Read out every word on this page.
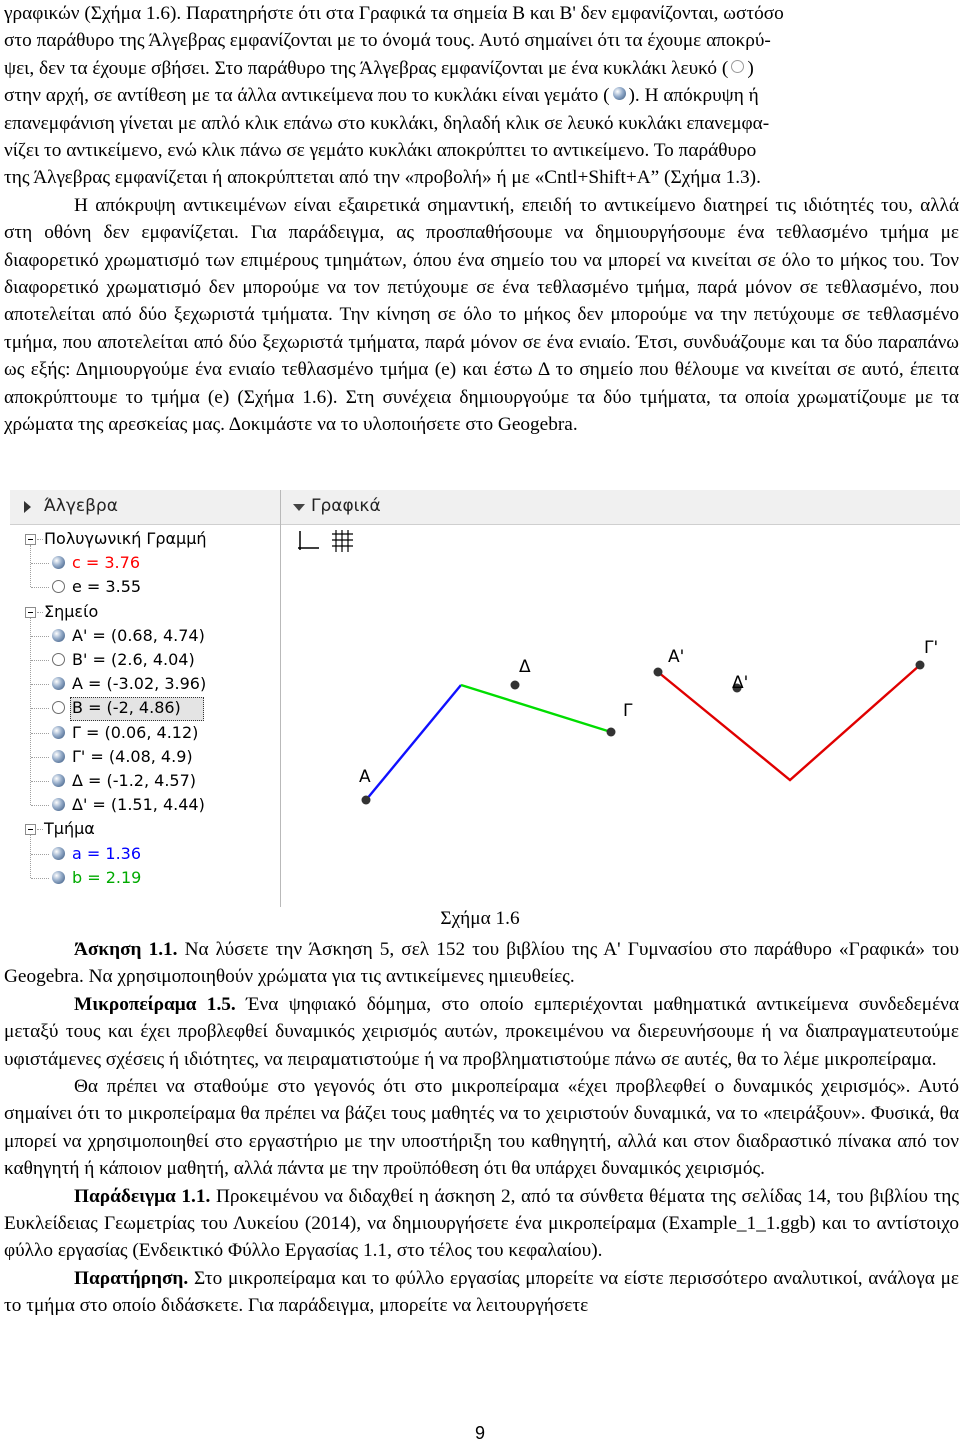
γραφικών (Σχήμα 1.6). Παρατηρήστε ότι στα Γραφικά τα σημεία Β και Β' δεν εμφανίζονται, ωστόσο

στο παράθυρο της Άλγεβρας εμφανίζονται με το όνομά τους. Αυτό σημαίνει ότι τα έχουμε αποκρύ-

ψει, δεν τα έχουμε σβήσει. Στο παράθυρο της Άλγεβρας εμφανίζονται με ένα κυκλάκι λευκό ( )

στην αρχή, σε αντίθεση με τα άλλα αντικείμενα που το κυκλάκι είναι γεμάτο ( ). Η απόκρυψη ή

επανεμφάνιση γίνεται με απλό κλικ επάνω στο κυκλάκι, δηλαδή κλικ σε λευκό κυκλάκι επανεμφα-

νίζει το αντικείμενο, ενώ κλικ πάνω σε γεμάτο κυκλάκι αποκρύπτει το αντικείμενο. Το παράθυρο

της Άλγεβρας εμφανίζεται ή αποκρύπτεται από την «προβολή» ή με «Cntl+Shift+A” (Σχήμα 1.3).

Η απόκρυψη αντικειμένων είναι εξαιρετικά σημαντική, επειδή το αντικείμενο διατηρεί τις ιδιότητές του, αλλά στη οθόνη δεν εμφανίζεται. Για παράδειγμα, ας προσπαθήσουμε να δημιουργήσουμε ένα τεθλασμένο τμήμα με διαφορετικό χρωματισμό των επιμέρους τμημάτων, όπου ένα σημείο του να μπορεί να κινείται σε όλο το μήκος του. Τον διαφορετικό χρωματισμό δεν μπορούμε να τον πετύχουμε σε ένα τεθλασμένο τμήμα, παρά μόνον σε τεθλασμένο, που αποτελείται από δύο ξεχωριστά τμήματα. Την κίνηση σε όλο το μήκος δεν μπορούμε να την πετύχουμε σε τεθλασμένο τμήμα, που αποτελείται από δύο ξεχωριστά τμήματα, παρά μόνον σε ένα ενιαίο. Έτσι, συνδυάζουμε και τα δύο παραπάνω ως εξής: Δημιουργούμε ένα ενιαίο τεθλασμένο τμήμα (e) και έστω Δ το σημείο που θέλουμε να κινείται σε αυτό, έπειτα αποκρύπτουμε το τμήμα (e) (Σχήμα 1.6). Στη συνέχεια δημιουργούμε τα δύο τμήματα, τα οποία χρωματίζουμε με τα χρώματα της αρεσκείας μας. Δοκιμάστε να το υλοποιήσετε στο Geogebra.

Άλγεβρα
Πολυγωνική Γραμμή
c = 3.76
e = 3.55
Σημείο
A' = (0.68, 4.74)
B' = (2.6, 4.04)
A = (-3.02, 3.96)
B = (-2, 4.86)
Γ = (0.06, 4.12)
Γ' = (4.08, 4.9)
Δ = (-1.2, 4.57)
Δ' = (1.51, 4.44)
Τμήμα
a = 1.36
b = 2.19
Γραφικά
A
Δ
Γ
A'
Δ'
Γ'
Σχήμα 1.6

Άσκηση 1.1. Να λύσετε την Άσκηση 5, σελ 152 του βιβλίου της Α' Γυμνασίου στο παράθυρο «Γραφικά» του Geogebra. Να χρησιμοποιηθούν χρώματα για τις αντικείμενες ημιευθείες.

Μικροπείραμα 1.5. Ένα ψηφιακό δόμημα, στο οποίο εμπεριέχονται μαθηματικά αντικείμενα συνδεδεμένα μεταξύ τους και έχει προβλεφθεί δυναμικός χειρισμός αυτών, προκειμένου να διερευνήσουμε ή να διαπραγματευτούμε υφιστάμενες σχέσεις ή ιδιότητες, να πειραματιστούμε ή να προβληματιστούμε πάνω σε αυτές, θα το λέμε μικροπείραμα.

Θα πρέπει να σταθούμε στο γεγονός ότι στο μικροπείραμα «έχει προβλεφθεί ο δυναμικός χειρισμός». Αυτό σημαίνει ότι το μικροπείραμα θα πρέπει να βάζει τους μαθητές να το χειριστούν δυναμικά, να το «πειράξουν». Φυσικά, θα μπορεί να χρησιμοποιηθεί στο εργαστήριο με την υποστήριξη του καθηγητή, αλλά και στον διαδραστικό πίνακα από τον καθηγητή ή κάποιον μαθητή, αλλά πάντα με την προϋπόθεση ότι θα υπάρχει δυναμικός χειρισμός.

Παράδειγμα 1.1. Προκειμένου να διδαχθεί η άσκηση 2, από τα σύνθετα θέματα της σελίδας 14, του βιβλίου της Ευκλείδειας Γεωμετρίας του Λυκείου (2014), να δημιουργήσετε ένα μικροπείραμα (Example_1_1.ggb) και το αντίστοιχο φύλλο εργασίας (Ενδεικτικό Φύλλο Εργασίας 1.1, στο τέλος του κεφαλαίου).

Παρατήρηση. Στο μικροπείραμα και το φύλλο εργασίας μπορείτε να είστε περισσότερο αναλυτικοί, ανάλογα με το τμήμα στο οποίο διδάσκετε. Για παράδειγμα, μπορείτε να λειτουργήσετε

9
